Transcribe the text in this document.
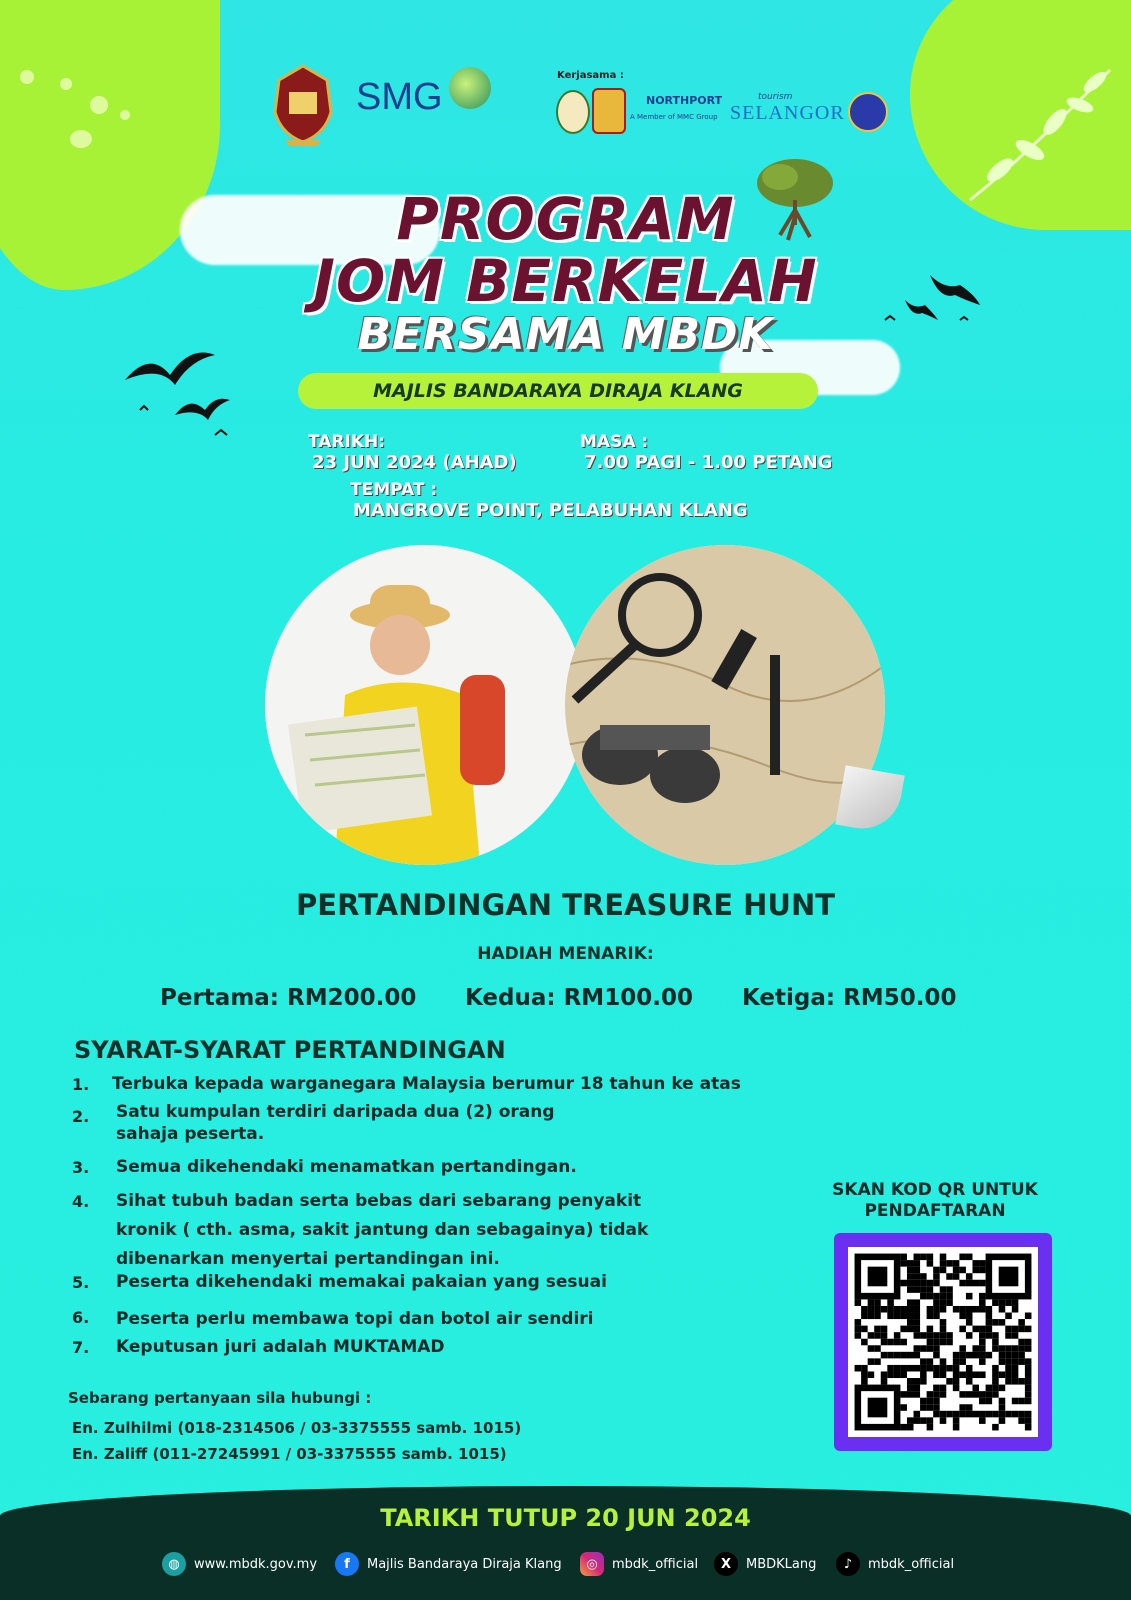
SMG
Kerjasama :
NORTHPORT
A Member of MMC Group
tourism
SELANGOR
PROGRAM
JOM BERKELAH
BERSAMA MBDK
MAJLIS BANDARAYA DIRAJA KLANG
TARIKH:
23 JUN 2024 (AHAD)
MASA :
7.00 PAGI - 1.00 PETANG
TEMPAT :
MANGROVE POINT, PELABUHAN KLANG
PERTANDINGAN TREASURE HUNT
HADIAH MENARIK:
Pertama: RM200.00 Kedua: RM100.00 Ketiga: RM50.00
SYARAT-SYARAT PERTANDINGAN
1. Terbuka kepada warganegara Malaysia berumur 18 tahun ke atas
2. Satu kumpulan terdiri daripada dua (2) orang sahaja peserta.
3. Semua dikehendaki menamatkan pertandingan.
4. Sihat tubuh badan serta bebas dari sebarang penyakit kronik ( cth. asma, sakit jantung dan sebagainya) tidak dibenarkan menyertai pertandingan ini.
5. Peserta dikehendaki memakai pakaian yang sesuai
6. Peserta perlu membawa topi dan botol air sendiri
7. Keputusan juri adalah MUKTAMAD
Sebarang pertanyaan sila hubungi :
En. Zulhilmi (018-2314506 / 03-3375555 samb. 1015)
En. Zaliff (011-27245991 / 03-3375555 samb. 1015)
SKAN KOD QR UNTUK
PENDAFTARAN
TARIKH TUTUP 20 JUN 2024
◍	www.mbdk.gov.my	f	Majlis Bandaraya Diraja Klang	◎	mbdk_official	X	MBDKLang	♪	mbdk_official
